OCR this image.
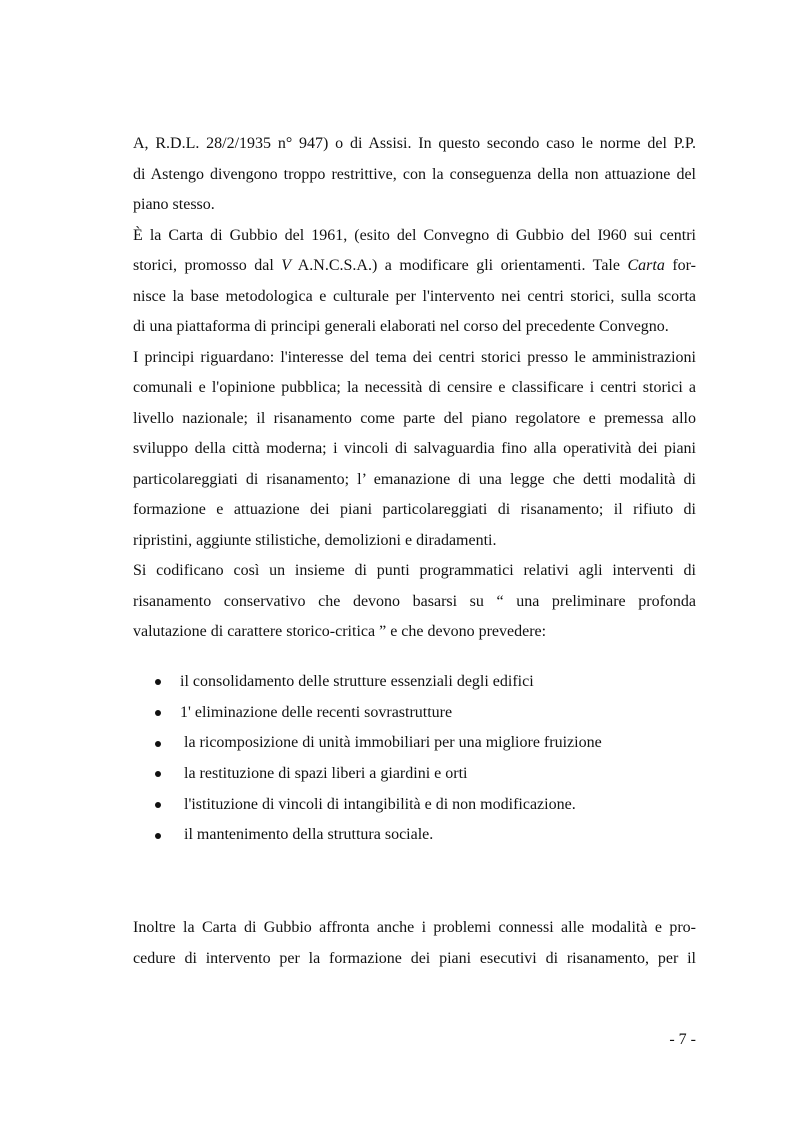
A, R.D.L. 28/2/1935 n° 947) o di Assisi. In questo secondo caso le norme del P.P.
di Astengo divengono troppo restrittive, con la conseguenza della non attuazione del
piano stesso.

È la Carta di Gubbio del 1961, (esito del Convegno di Gubbio del I960 sui centri
storici, promosso dal V A.N.C.S.A.) a modificare gli orientamenti. Tale Carta for-
nisce la base metodologica e culturale per l'intervento nei centri storici, sulla scorta
di una piattaforma di principi generali elaborati nel corso del precedente Convegno.

I principi riguardano: l'interesse del tema dei centri storici presso le amministrazioni
comunali e l'opinione pubblica; la necessità di censire e classificare i centri storici a
livello nazionale; il risanamento come parte del piano regolatore e premessa allo
sviluppo della città moderna; i vincoli di salvaguardia fino alla operatività dei piani
particolareggiati di risanamento; l’ emanazione di una legge che detti modalità di
formazione e attuazione dei piani particolareggiati di risanamento; il rifiuto di
ripristini, aggiunte stilistiche, demolizioni e diradamenti.

Si codificano così un insieme di punti programmatici relativi agli interventi di
risanamento conservativo che devono basarsi su “ una preliminare profonda
valutazione di carattere storico-critica ” e che devono prevedere:

il consolidamento delle strutture essenziali degli edifici
1' eliminazione delle recenti sovrastrutture
la ricomposizione di unità immobiliari per una migliore fruizione
la restituzione di spazi liberi a giardini e orti
l'istituzione di vincoli di intangibilità e di non modificazione.
il mantenimento della struttura sociale.

Inoltre la Carta di Gubbio affronta anche i problemi connessi alle modalità e pro-
cedure di intervento per la formazione dei piani esecutivi di risanamento, per il

- 7 -
